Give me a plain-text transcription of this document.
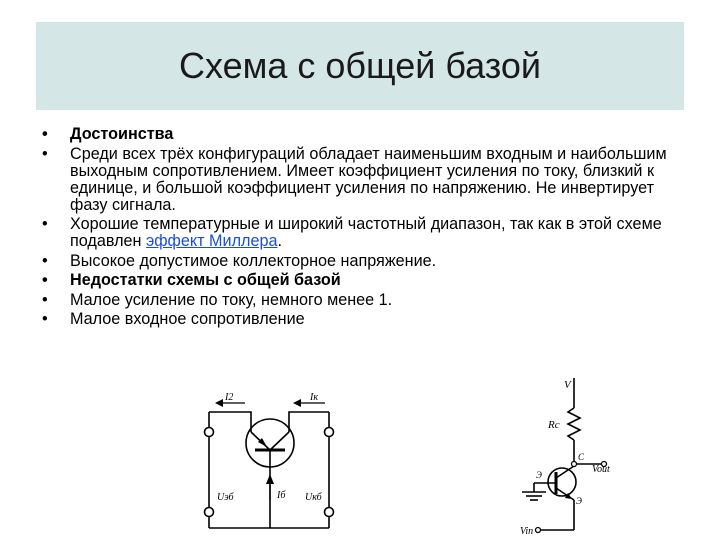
Схема с общей базой
• Достоинства
• Среди всех трёх конфигураций обладает наименьшим входным и наибольшим выходным сопротивлением. Имеет коэффициент усиления по току, близкий к единице, и большой коэффициент усиления по напряжению. Не инвертирует фазу сигнала.
• Хорошие температурные и широкий частотный диапазон, так как в этой схеме подавлен эффект Миллера.
• Высокое допустимое коллекторное напряжение.
• Недостатки схемы с общей базой
• Малое усиление по току, немного менее 1.
• Малое входное сопротивление
I2	Iк
Iб
Uэб	Uкб
V
Rc
C
Vout
Э
Э
Vin
